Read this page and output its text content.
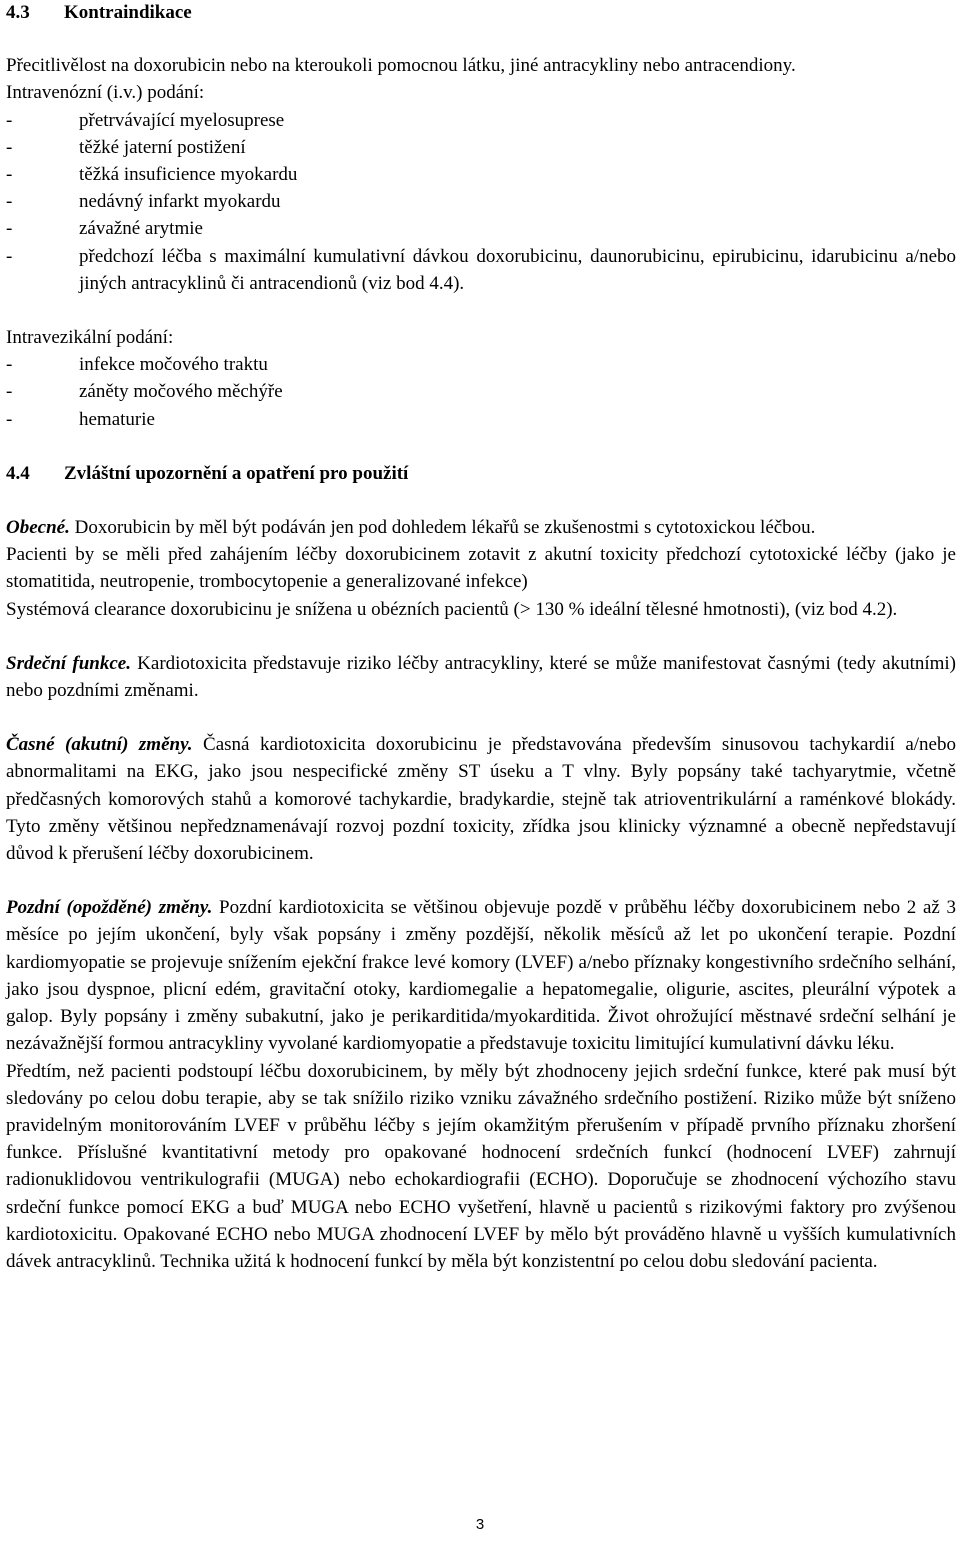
4.3 Kontraindikace

Přecitlivělost na doxorubicin nebo na kteroukoli pomocnou látku, jiné antracykliny nebo antracendiony.

Intravenózní (i.v.) podání:
-	přetrvávající myelosuprese
-	těžké jaterní postižení
-	těžká insuficience myokardu
-	nedávný infarkt myokardu
-	závažné arytmie
-	předchozí léčba s maximální kumulativní dávkou doxorubicinu, daunorubicinu, epirubicinu, idarubicinu a/nebo jiných antracyklinů či antracendionů (viz bod 4.4).
Intravezikální podání:
-	infekce močového traktu
-	záněty močového měchýře
-	hematurie
4.4 Zvláštní upozornění a opatření pro použití

Obecné. Doxorubicin by měl být podáván jen pod dohledem lékařů se zkušenostmi s cytotoxickou léčbou.

Pacienti by se měli před zahájením léčby doxorubicinem zotavit z akutní toxicity předchozí cytotoxické léčby (jako je stomatitida, neutropenie, trombocytopenie a generalizované infekce)

Systémová clearance doxorubicinu je snížena u obézních pacientů (> 130 % ideální tělesné hmotnosti), (viz bod 4.2).

Srdeční funkce. Kardiotoxicita představuje riziko léčby antracykliny, které se může manifestovat časnými (tedy akutními) nebo pozdními změnami.

Časné (akutní) změny. Časná kardiotoxicita doxorubicinu je představována především sinusovou tachykardií a/nebo abnormalitami na EKG, jako jsou nespecifické změny ST úseku a T vlny. Byly popsány také tachyarytmie, včetně předčasných komorových stahů a komorové tachykardie, bradykardie, stejně tak atrioventrikulární a raménkové blokády. Tyto změny většinou nepředznamenávají rozvoj pozdní toxicity, zřídka jsou klinicky významné a obecně nepředstavují důvod k přerušení léčby doxorubicinem.

Pozdní (opožděné) změny. Pozdní kardiotoxicita se většinou objevuje pozdě v průběhu léčby doxorubicinem nebo 2 až 3 měsíce po jejím ukončení, byly však popsány i změny pozdější, několik měsíců až let po ukončení terapie. Pozdní kardiomyopatie se projevuje snížením ejekční frakce levé komory (LVEF) a/nebo příznaky kongestivního srdečního selhání, jako jsou dyspnoe, plicní edém, gravitační otoky, kardiomegalie a hepatomegalie, oligurie, ascites, pleurální výpotek a galop. Byly popsány i změny subakutní, jako je perikarditida/myokarditida. Život ohrožující městnavé srdeční selhání je nezávažnější formou antracykliny vyvolané kardiomyopatie a představuje toxicitu limitující kumulativní dávku léku.

Předtím, než pacienti podstoupí léčbu doxorubicinem, by měly být zhodnoceny jejich srdeční funkce, které pak musí být sledovány po celou dobu terapie, aby se tak snížilo riziko vzniku závažného srdečního postižení. Riziko může být sníženo pravidelným monitorováním LVEF v průběhu léčby s jejím okamžitým přerušením v případě prvního příznaku zhoršení funkce. Příslušné kvantitativní metody pro opakované hodnocení srdečních funkcí (hodnocení LVEF) zahrnují radionuklidovou ventrikulografii (MUGA) nebo echokardiografii (ECHO). Doporučuje se zhodnocení výchozího stavu srdeční funkce pomocí EKG a buď MUGA nebo ECHO vyšetření, hlavně u pacientů s rizikovými faktory pro zvýšenou kardiotoxicitu. Opakované ECHO nebo MUGA zhodnocení LVEF by mělo být prováděno hlavně u vyšších kumulativních dávek antracyklinů. Technika užitá k hodnocení funkcí by měla být konzistentní po celou dobu sledování pacienta.

3
